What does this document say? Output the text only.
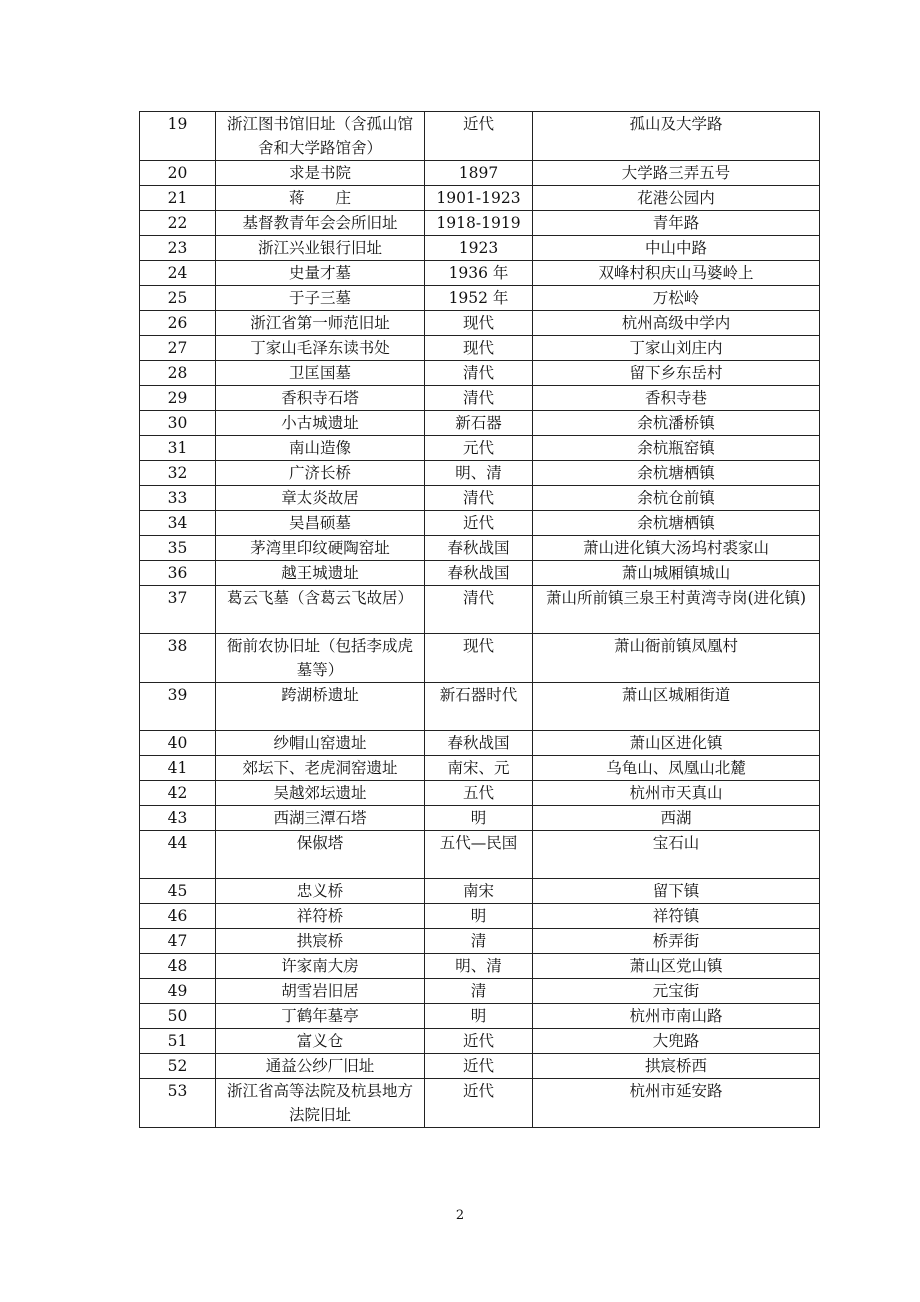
19	浙江图书馆旧址（含孤山馆舍和大学路馆舍）	近代	孤山及大学路
20	求是书院	1897	大学路三弄五号
21	蒋　　庄	1901-1923	花港公园内
22	基督教青年会会所旧址	1918-1919	青年路
23	浙江兴业银行旧址	1923	中山中路
24	史量才墓	1936 年	双峰村积庆山马婆岭上
25	于子三墓	1952 年	万松岭
26	浙江省第一师范旧址	现代	杭州高级中学内
27	丁家山毛泽东读书处	现代	丁家山刘庄内
28	卫匡国墓	清代	留下乡东岳村
29	香积寺石塔	清代	香积寺巷
30	小古城遗址	新石器	余杭潘桥镇
31	南山造像	元代	余杭瓶窑镇
32	广济长桥	明、清	余杭塘栖镇
33	章太炎故居	清代	余杭仓前镇
34	吴昌硕墓	近代	余杭塘栖镇
35	茅湾里印纹硬陶窑址	春秋战国	萧山进化镇大汤坞村裘家山
36	越王城遗址	春秋战国	萧山城厢镇城山
37	葛云飞墓（含葛云飞故居）	清代	萧山所前镇三泉王村黄湾寺岗(进化镇)
38	衙前农协旧址（包括李成虎墓等）	现代	萧山衙前镇凤凰村
39	跨湖桥遗址	新石器时代	萧山区城厢街道
40	纱帽山窑遗址	春秋战国	萧山区进化镇
41	郊坛下、老虎洞窑遗址	南宋、元	乌龟山、凤凰山北麓
42	吴越郊坛遗址	五代	杭州市天真山
43	西湖三潭石塔	明	西湖
44	保俶塔	五代—民国	宝石山
45	忠义桥	南宋	留下镇
46	祥符桥	明	祥符镇
47	拱宸桥	清	桥弄街
48	许家南大房	明、清	萧山区党山镇
49	胡雪岩旧居	清	元宝街
50	丁鹤年墓亭	明	杭州市南山路
51	富义仓	近代	大兜路
52	通益公纱厂旧址	近代	拱宸桥西
53	浙江省高等法院及杭县地方法院旧址	近代	杭州市延安路
2
